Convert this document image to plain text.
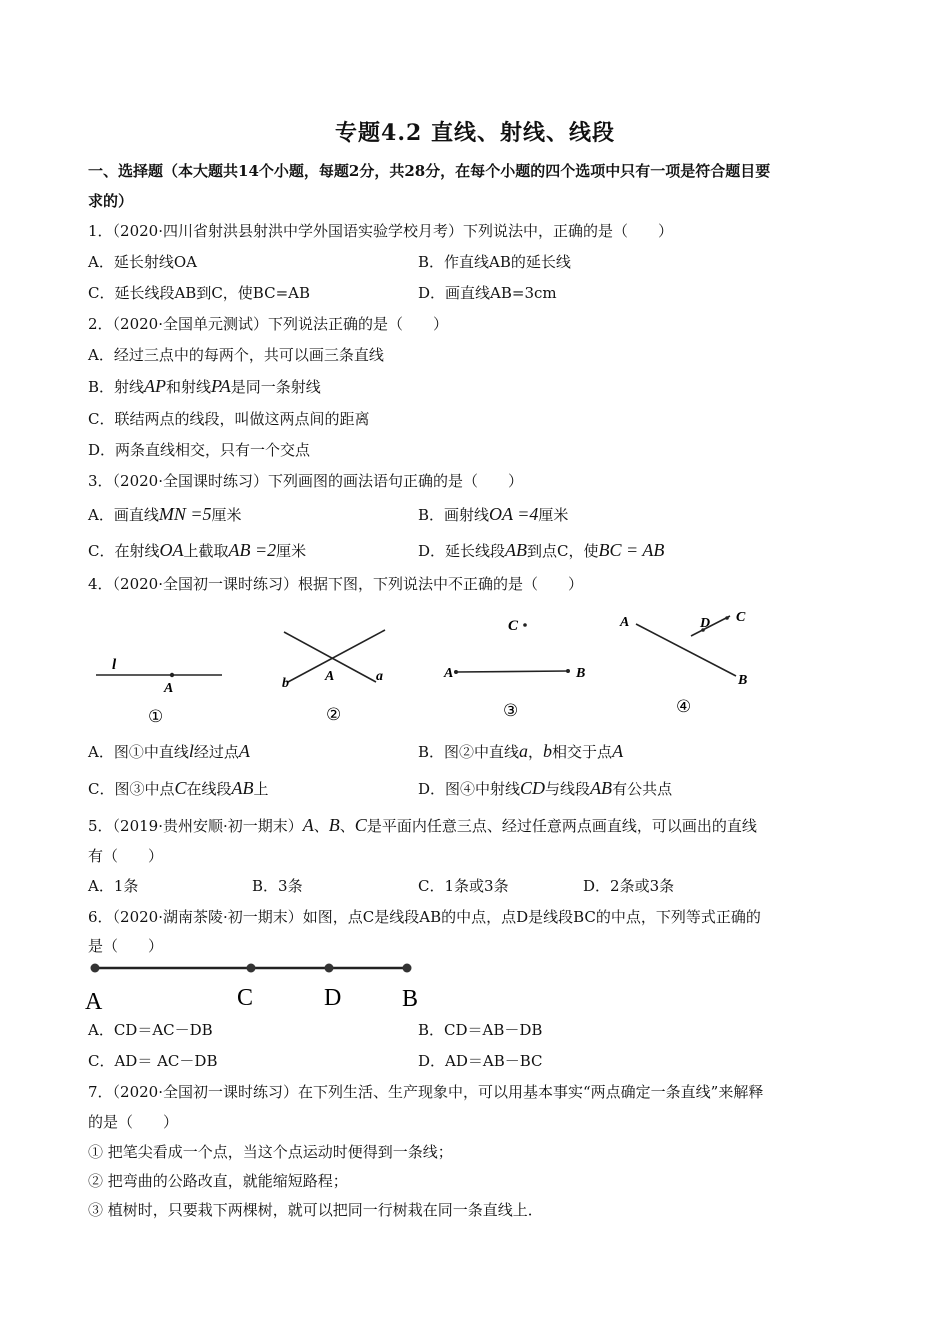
专题4.2 直线、射线、线段
一、选择题（本大题共14个小题，每题2分，共28分，在每个小题的四个选项中只有一项是符合题目要
求的）
1．（2020·四川省射洪县射洪中学外国语实验学校月考）下列说法中，正确的是（　　）
A．延长射线OA	B．作直线AB的延长线
C．延长线段AB到C，使BC=AB	D．画直线AB=3cm
2．（2020·全国单元测试）下列说法正确的是（　　）
A．经过三点中的每两个，共可以画三条直线
B．射线AP和射线PA是同一条射线
C．联结两点的线段，叫做这两点间的距离
D．两条直线相交，只有一个交点
3．（2020·全国课时练习）下列画图的画法语句正确的是（　　）
A．画直线MN =5厘米	B．画射线OA =4厘米
C．在射线OA上截取AB =2厘米	D．延长线段AB到点C，使BC = AB
4．（2020·全国初一课时练习）根据下图，下列说法中不正确的是（　　）
l
A
①
b	A	a
②
C
A	B
③
A	D C
B
④
A．图①中直线l经过点A	B．图②中直线a，b相交于点A
C．图③中点C在线段AB上	D．图④中射线CD与线段AB有公共点
5．（2019·贵州安顺·初一期末）A、B、C是平面内任意三点、经过任意两点画直线，可以画出的直线
有（　　）
A．1条	B．3条	C．1条或3条	D．2条或3条
6．（2020·湖南茶陵·初一期末）如图，点C是线段AB的中点，点D是线段BC的中点，下列等式正确的
是（　　）
A	C	D	B
A．CD＝AC－DB	B．CD＝AB－DB
C．AD＝ AC－DB	D．AD＝AB－BC
7．（2020·全国初一课时练习）在下列生活、生产现象中，可以用基本事实“两点确定一条直线”来解释
的是（　　）
① 把笔尖看成一个点，当这个点运动时便得到一条线；
② 把弯曲的公路改直，就能缩短路程；
③ 植树时，只要栽下两棵树，就可以把同一行树栽在同一条直线上．
